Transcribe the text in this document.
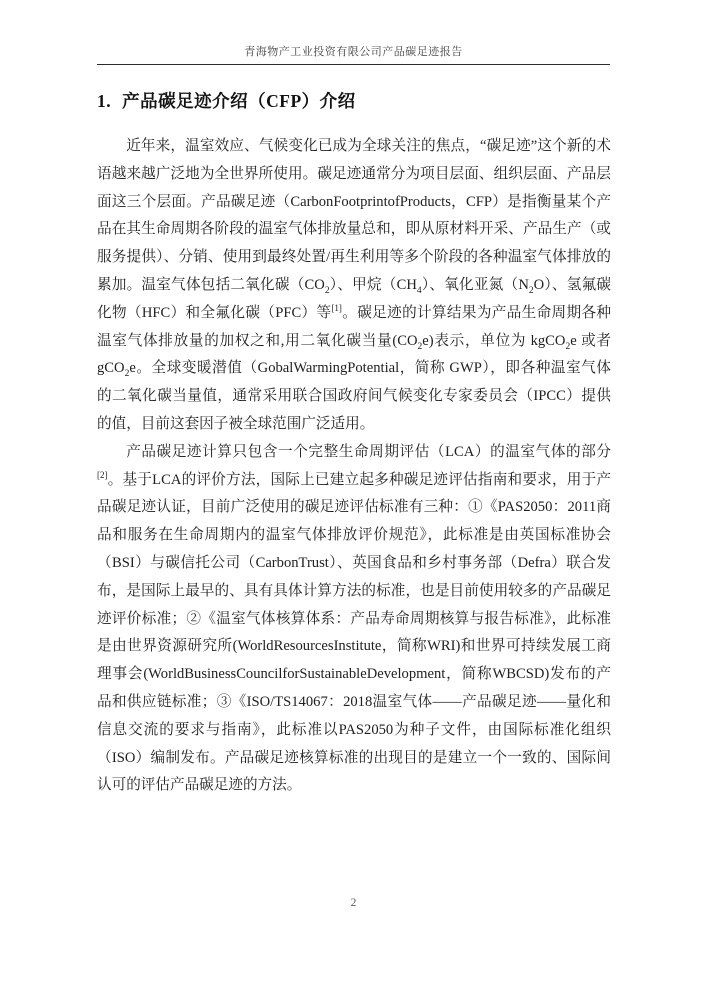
青海物产工业投资有限公司产品碳足迹报告
1. 产品碳足迹介绍（CFP）介绍

近年来，温室效应、气候变化已成为全球关注的焦点，“碳足迹”这个新的术语越来越广泛地为全世界所使用。碳足迹通常分为项目层面、组织层面、产品层面这三个层面。产品碳足迹（CarbonFootprintofProducts，CFP）是指衡量某个产品在其生命周期各阶段的温室气体排放量总和，即从原材料开采、产品生产（或服务提供）、分销、使用到最终处置/再生利用等多个阶段的各种温室气体排放的累加。温室气体包括二氧化碳$(CO_2)$、甲烷$(CH_4)$、氧化亚氮$(N_2O)$、氢氟碳化物（HFC）和全氟化碳（PFC）等[1]。碳足迹的计算结果为产品生命周期各种温室气体排放量的加权之和,用二氧化碳当量$(CO_2e)$表示，单位为 kgCO$_2$e 或者 gCO$_2$e。全球变暖潜值（GobalWarmingPotential，简称 GWP），即各种温室气体的二氧化碳当量值，通常采用联合国政府间气候变化专家委员会（IPCC）提供的值，目前这套因子被全球范围广泛适用。

产品碳足迹计算只包含一个完整生命周期评估（LCA）的温室气体的部分[2]。基于LCA的评价方法，国际上已建立起多种碳足迹评估指南和要求，用于产品碳足迹认证，目前广泛使用的碳足迹评估标准有三种：①《PAS2050：2011商品和服务在生命周期内的温室气体排放评价规范》，此标准是由英国标准协会（BSI）与碳信托公司（CarbonTrust）、英国食品和乡村事务部（Defra）联合发布，是国际上最早的、具有具体计算方法的标准，也是目前使用较多的产品碳足迹评价标准；②《温室气体核算体系：产品寿命周期核算与报告标准》，此标准是由世界资源研究所(WorldResourcesInstitute，简称WRI)和世界可持续发展工商理事会(WorldBusinessCouncilforSustainableDevelopment，简称WBCSD)发布的产品和供应链标准；③《ISO/TS14067：2018温室气体——产品碳足迹——量化和信息交流的要求与指南》，此标准以PAS2050为种子文件，由国际标准化组织（ISO）编制发布。产品碳足迹核算标准的出现目的是建立一个一致的、国际间认可的评估产品碳足迹的方法。

2
